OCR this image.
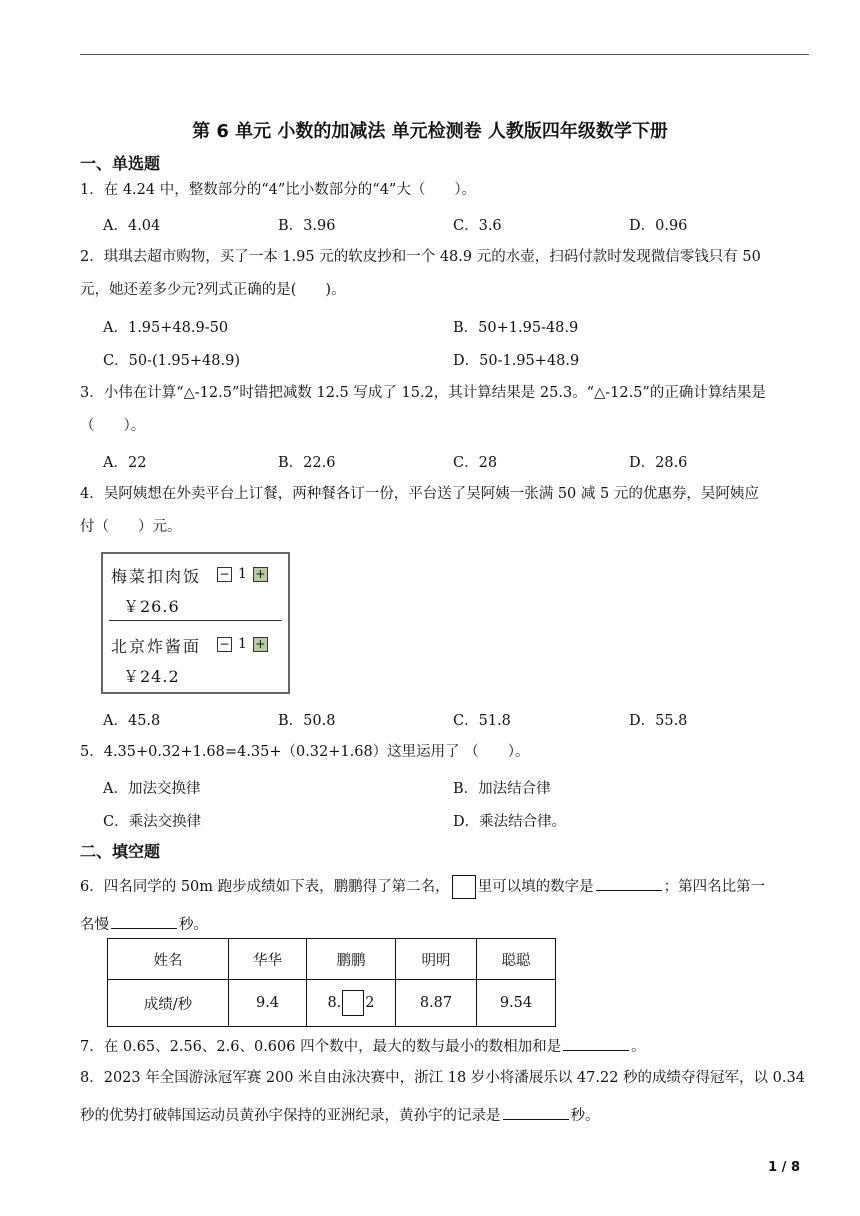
第 6 单元 小数的加减法 单元检测卷 人教版四年级数学下册
一、单选题
1．在 4.24 中，整数部分的“4”比小数部分的“4”大（　　）。
A．4.04	B．3.96	C．3.6	D．0.96
2．琪琪去超市购物，买了一本 1.95 元的软皮抄和一个 48.9 元的水壶，扫码付款时发现微信零钱只有 50
元，她还差多少元?列式正确的是(　　)。
A．1.95+48.9-50	B．50+1.95-48.9
C．50-(1.95+48.9)	D．50-1.95+48.9
3．小伟在计算“△-12.5”时错把减数 12.5 写成了 15.2，其计算结果是 25.3。“△-12.5”的正确计算结果是
（　　）。
A．22	B．22.6	C．28	D．28.6
4．吴阿姨想在外卖平台上订餐，两种餐各订一份，平台送了吴阿姨一张满 50 减 5 元的优惠券，吴阿姨应
付（　　）元。
梅菜扣肉饭 − 1 +
￥26.6
北京炸酱面 − 1 +
￥24.2
A．45.8	B．50.8	C．51.8	D．55.8
5．4.35+0.32+1.68=4.35+（0.32+1.68）这里运用了 （　　）。
A．加法交换律	B．加法结合律
C．乘法交换律	D．乘法结合律。
二、填空题
6．四名同学的 50m 跑步成绩如下表，鹏鹏得了第二名， 里可以填的数字是	；第四名比第一
名慢	秒。
姓名	华华	鹏鹏	明明	聪聪
成绩/秒	9.4	8. 2	8.87	9.54
7．在 0.65、2.56、2.6、0.606 四个数中，最大的数与最小的数相加和是	。
8．2023 年全国游泳冠军赛 200 米自由泳决赛中，浙江 18 岁小将潘展乐以 47.22 秒的成绩夺得冠军，以 0.34
秒的优势打破韩国运动员黄孙宇保持的亚洲纪录，黄孙宇的记录是	秒。
1 / 8
